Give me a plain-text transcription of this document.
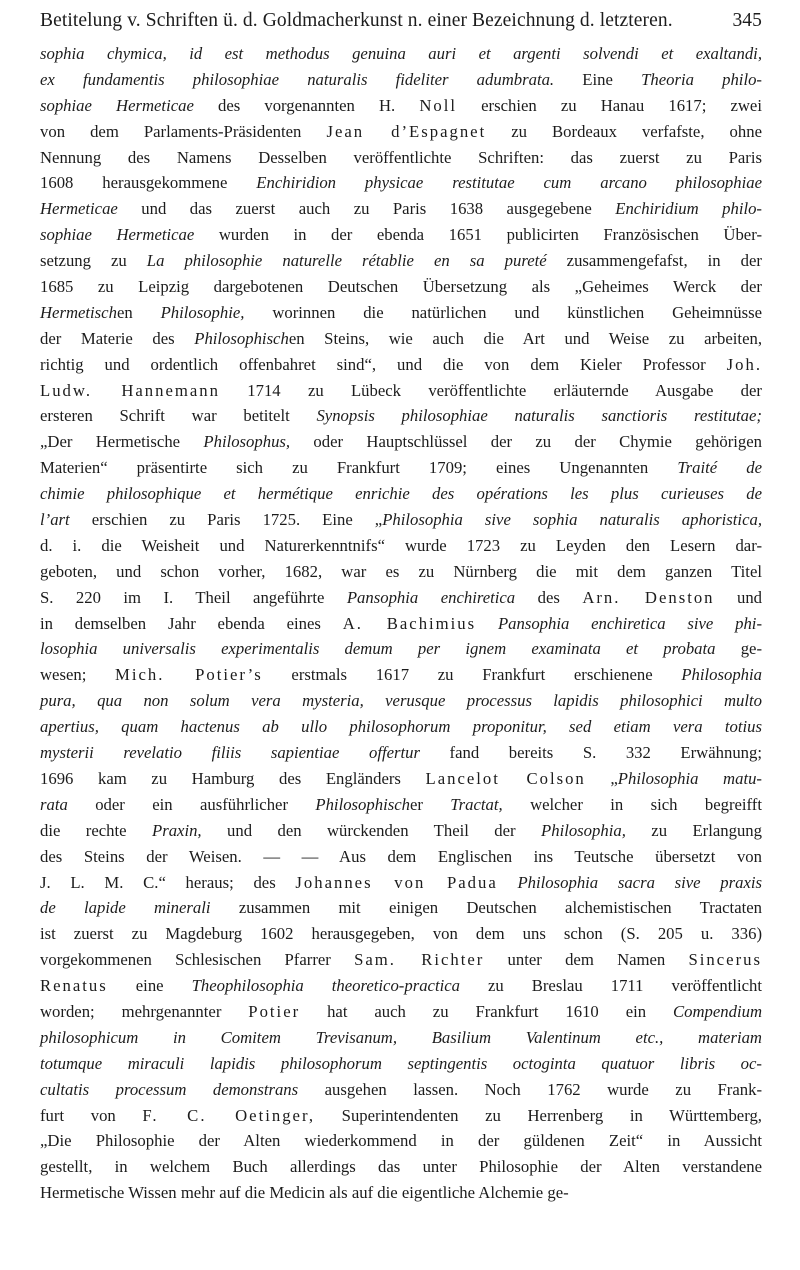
Betitelung v. Schriften ü. d. Goldmacherkunst n. einer Bezeichnung d. letzteren.	345
sophia chymica, id est methodus genuina auri et argenti solvendi et exaltandi,
ex fundamentis philosophiae naturalis fideliter adumbrata. Eine Theoria philo-
sophiae Hermeticae des vorgenannten H. Noll erschien zu Hanau 1617; zwei
von dem Parlaments-Präsidenten Jean d’Espagnet zu Bordeaux verfafste, ohne
Nennung des Namens Desselben veröffentlichte Schriften: das zuerst zu Paris
1608 herausgekommene Enchiridion physicae restitutae cum arcano philosophiae
Hermeticae und das zuerst auch zu Paris 1638 ausgegebene Enchiridium philo-
sophiae Hermeticae wurden in der ebenda 1651 publicirten Französischen Über-
setzung zu La philosophie naturelle rétablie en sa pureté zusammengefafst, in der
1685 zu Leipzig dargebotenen Deutschen Übersetzung als „Geheimes Werck der
Hermetischen Philosophie, worinnen die natürlichen und künstlichen Geheimnüsse
der Materie des Philosophischen Steins, wie auch die Art und Weise zu arbeiten,
richtig und ordentlich offenbahret sind“, und die von dem Kieler Professor Joh.
Ludw. Hannemann 1714 zu Lübeck veröffentlichte erläuternde Ausgabe der
ersteren Schrift war betitelt Synopsis philosophiae naturalis sanctioris restitutae;
„Der Hermetische Philosophus, oder Hauptschlüssel der zu der Chymie gehörigen
Materien“ präsentirte sich zu Frankfurt 1709; eines Ungenannten Traité de
chimie philosophique et hermétique enrichie des opérations les plus curieuses de
l’art erschien zu Paris 1725. Eine „Philosophia sive sophia naturalis aphoristica,
d. i. die Weisheit und Naturerkenntnifs“ wurde 1723 zu Leyden den Lesern dar-
geboten, und schon vorher, 1682, war es zu Nürnberg die mit dem ganzen Titel
S. 220 im I. Theil angeführte Pansophia enchiretica des Arn. Denston und
in demselben Jahr ebenda eines A. Bachimius Pansophia enchiretica sive phi-
losophia universalis experimentalis demum per ignem examinata et probata ge-
wesen; Mich. Potier’s erstmals 1617 zu Frankfurt erschienene Philosophia
pura, qua non solum vera mysteria, verusque processus lapidis philosophici multo
apertius, quam hactenus ab ullo philosophorum proponitur, sed etiam vera totius
mysterii revelatio filiis sapientiae offertur fand bereits S. 332 Erwähnung;
1696 kam zu Hamburg des Engländers Lancelot Colson „Philosophia matu-
rata oder ein ausführlicher Philosophischer Tractat, welcher in sich begreifft
die rechte Praxin, und den würckenden Theil der Philosophia, zu Erlangung
des Steins der Weisen. — — Aus dem Englischen ins Teutsche übersetzt von
J. L. M. C.“ heraus; des Johannes von Padua Philosophia sacra sive praxis
de lapide minerali zusammen mit einigen Deutschen alchemistischen Tractaten
ist zuerst zu Magdeburg 1602 herausgegeben, von dem uns schon (S. 205 u. 336)
vorgekommenen Schlesischen Pfarrer Sam. Richter unter dem Namen Sincerus
Renatus eine Theophilosophia theoretico-practica zu Breslau 1711 veröffentlicht
worden; mehrgenannter Potier hat auch zu Frankfurt 1610 ein Compendium
philosophicum in Comitem Trevisanum, Basilium Valentinum etc., materiam
totumque miraculi lapidis philosophorum septingentis octoginta quatuor libris oc-
cultatis processum demonstrans ausgehen lassen. Noch 1762 wurde zu Frank-
furt von F. C. Oetinger, Superintendenten zu Herrenberg in Württemberg,
„Die Philosophie der Alten wiederkommend in der güldenen Zeit“ in Aussicht
gestellt, in welchem Buch allerdings das unter Philosophie der Alten verstandene
Hermetische Wissen mehr auf die Medicin als auf die eigentliche Alchemie ge-
